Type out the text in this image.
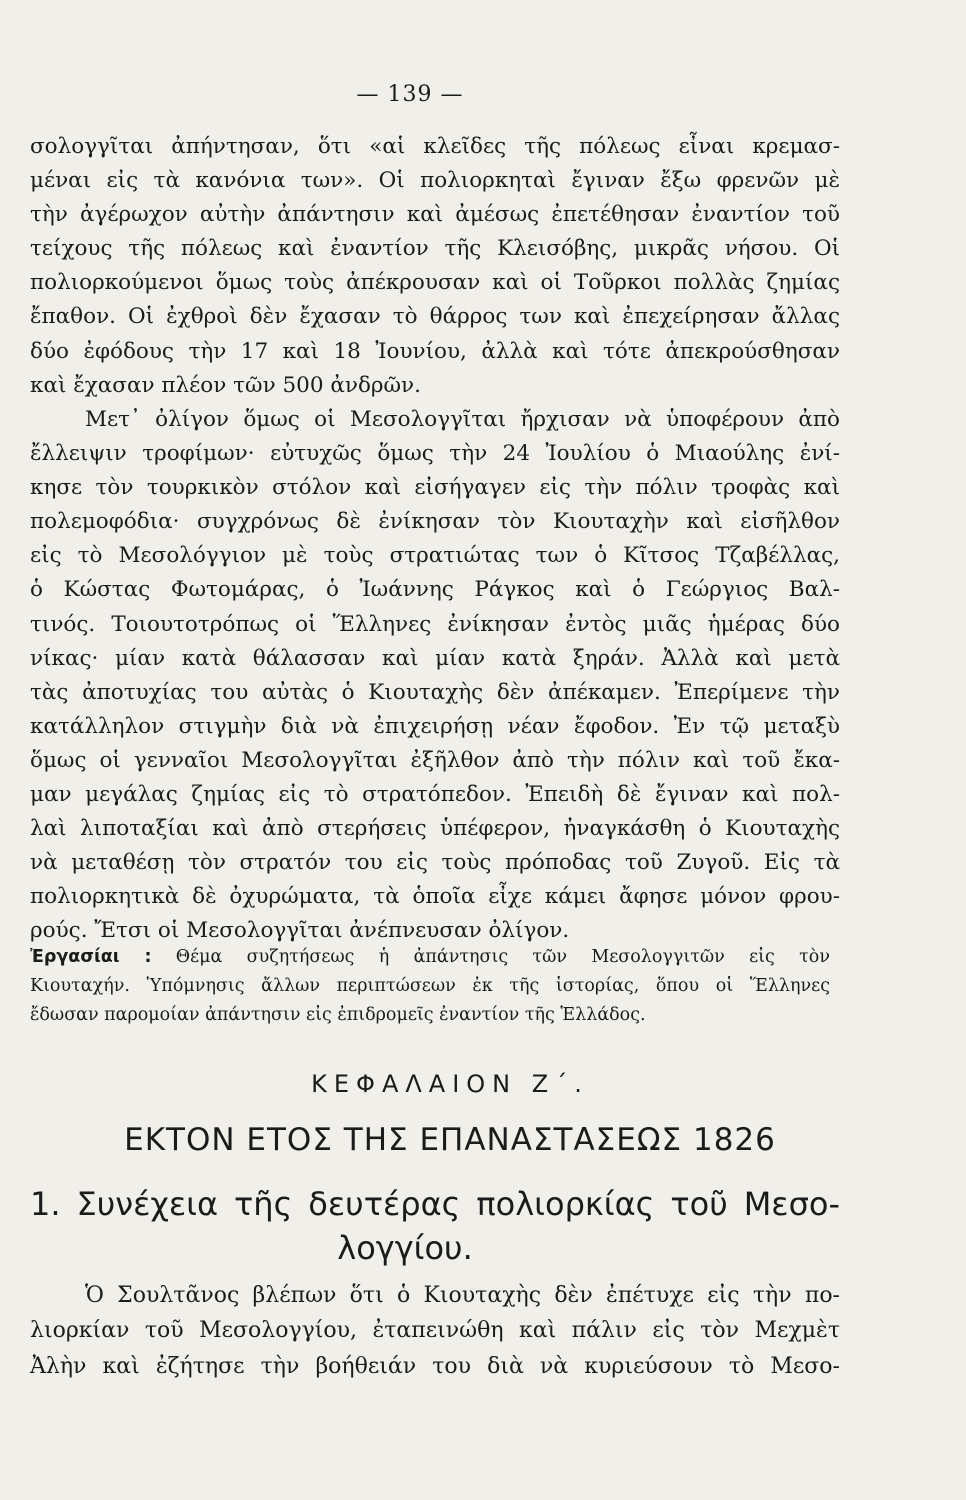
— 139 —
σολογγῖται ἀπήντησαν, ὅτι «αἱ κλεῖδες τῆς πόλεως εἶναι κρεμασ-
μέναι εἰς τὰ κανόνια των». Οἱ πολιορκηταὶ ἔγιναν ἔξω φρενῶν μὲ
τὴν ἀγέρωχον αὐτὴν ἀπάντησιν καὶ ἀμέσως ἐπετέθησαν ἐναντίον τοῦ
τείχους τῆς πόλεως καὶ ἐναντίον τῆς Κλεισόβης, μικρᾶς νήσου. Οἱ
πολιορκούμενοι ὅμως τοὺς ἀπέκρουσαν καὶ οἱ Τοῦρκοι πολλὰς ζημίας
ἔπαθον. Οἱ ἐχθροὶ δὲν ἔχασαν τὸ θάρρος των καὶ ἐπεχείρησαν ἄλλας
δύο ἐφόδους τὴν 17 καὶ 18 Ἰουνίου, ἀλλὰ καὶ τότε ἀπεκρούσθησαν
καὶ ἔχασαν πλέον τῶν 500 ἀνδρῶν.
Μετ᾽ ὀλίγον ὅμως οἱ Μεσολογγῖται ἤρχισαν νὰ ὑποφέρουν ἀπὸ
ἔλλειψιν τροφίμων· εὐτυχῶς ὅμως τὴν 24 Ἰουλίου ὁ Μιαούλης ἐνί-
κησε τὸν τουρκικὸν στόλον καὶ εἰσήγαγεν εἰς τὴν πόλιν τροφὰς καὶ
πολεμοφόδια· συγχρόνως δὲ ἐνίκησαν τὸν Κιουταχὴν καὶ εἰσῆλθον
εἰς τὸ Μεσολόγγιον μὲ τοὺς στρατιώτας των ὁ Κῖτσος Τζαβέλλας,
ὁ Κώστας Φωτομάρας, ὁ Ἰωάννης Ράγκος καὶ ὁ Γεώργιος Βαλ-
τινός. Τοιουτοτρόπως οἱ Ἕλληνες ἐνίκησαν ἐντὸς μιᾶς ἡμέρας δύο
νίκας· μίαν κατὰ θάλασσαν καὶ μίαν κατὰ ξηράν. Ἀλλὰ καὶ μετὰ
τὰς ἀποτυχίας του αὐτὰς ὁ Κιουταχὴς δὲν ἀπέκαμεν. Ἐπερίμενε τὴν
κατάλληλον στιγμὴν διὰ νὰ ἐπιχειρήσῃ νέαν ἔφοδον. Ἐν τῷ μεταξὺ
ὅμως οἱ γενναῖοι Μεσολογγῖται ἐξῆλθον ἀπὸ τὴν πόλιν καὶ τοῦ ἔκα-
μαν μεγάλας ζημίας εἰς τὸ στρατόπεδον. Ἐπειδὴ δὲ ἔγιναν καὶ πολ-
λαὶ λιποταξίαι καὶ ἀπὸ στερήσεις ὑπέφερον, ἠναγκάσθη ὁ Κιουταχὴς
νὰ μεταθέσῃ τὸν στρατόν του εἰς τοὺς πρόποδας τοῦ Ζυγοῦ. Εἰς τὰ
πολιορκητικὰ δὲ ὀχυρώματα, τὰ ὁποῖα εἶχε κάμει ἄφησε μόνον φρου-
ρούς. Ἔτσι οἱ Μεσολογγῖται ἀνέπνευσαν ὀλίγον.
Ἐργασίαι : Θέμα συζητήσεως ἡ ἀπάντησις τῶν Μεσολογγιτῶν εἰς τὸν
Κιουταχήν. Ὑπόμνησις ἄλλων περιπτώσεων ἐκ τῆς ἱστορίας, ὅπου οἱ Ἕλληνες
ἔδωσαν παρομοίαν ἀπάντησιν εἰς ἐπιδρομεῖς ἐναντίον τῆς Ἑλλάδος.
ΚΕΦΑΛΑΙΟΝ Ζ΄.
ΕΚΤΟΝ ΕΤΟΣ ΤΗΣ ΕΠΑΝΑΣΤΑΣΕΩΣ 1826
1. Συνέχεια τῆς δευτέρας πολιορκίας τοῦ Μεσο-
λογγίου.
Ὁ Σουλτᾶνος βλέπων ὅτι ὁ Κιουταχὴς δὲν ἐπέτυχε εἰς τὴν πο-
λιορκίαν τοῦ Μεσολογγίου, ἐταπεινώθη καὶ πάλιν εἰς τὸν Μεχμὲτ
Ἀλὴν καὶ ἐζήτησε τὴν βοήθειάν του διὰ νὰ κυριεύσουν τὸ Μεσο-
